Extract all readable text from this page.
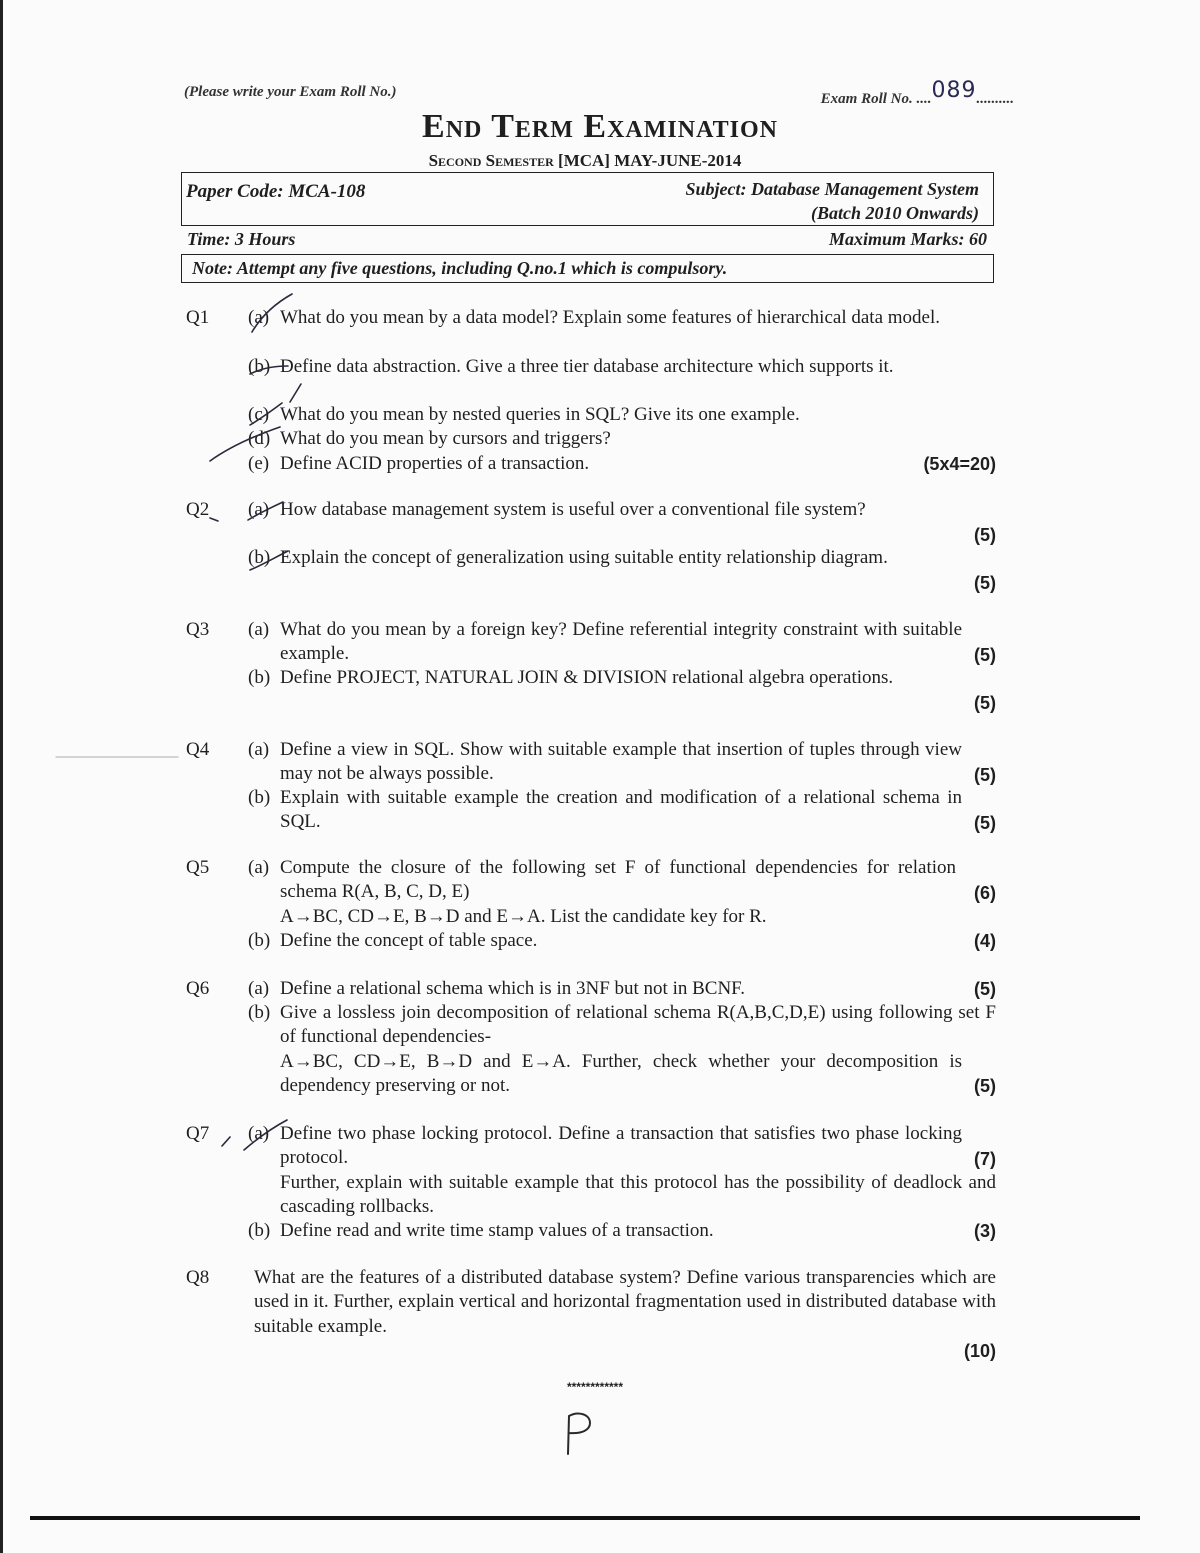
(Please write your Exam Roll No.)	Exam Roll No. ....089..........
End Term Examination
Second Semester [MCA] MAY-JUNE-2014
Paper Code: MCA-108	Subject: Database Management System
(Batch 2010 Onwards)
Time: 3 Hours	Maximum Marks: 60
Note: Attempt any five questions, including Q.no.1 which is compulsory.
Q1 (a) What do you mean by a data model? Explain some features of hierarchical data model.
(b) Define data abstraction. Give a three tier database architecture which supports it.
(c) What do you mean by nested queries in SQL? Give its one example.
(d) What do you mean by cursors and triggers?
(e) Define ACID properties of a transaction.	(5x4=20)
Q2 (a) How database management system is useful over a conventional file system?
(5)
(b) Explain the concept of generalization using suitable entity relationship diagram.
(5)
Q3 (a) What do you mean by a foreign key? Define referential integrity constraint with suitable example.	(5)
(b) Define PROJECT, NATURAL JOIN & DIVISION relational algebra operations.
(5)
Q4 (a) Define a view in SQL. Show with suitable example that insertion of tuples through view may not be always possible.	(5)
(b) Explain with suitable example the creation and modification of a relational schema in SQL.	(5)
Q5 (a) Compute the closure of the following set F of functional dependencies for relation schema R(A, B, C, D, E)	(6)
A→BC, CD→E, B→D and E→A. List the candidate key for R.
(b) Define the concept of table space.	(4)
Q6 (a) Define a relational schema which is in 3NF but not in BCNF.	(5)
(b) Give a lossless join decomposition of relational schema R(A,B,C,D,E) using following set F of functional dependencies-
A→BC, CD→E, B→D and E→A. Further, check whether your decomposition is dependency preserving or not.	(5)
Q7 (a) Define two phase locking protocol. Define a transaction that satisfies two phase locking protocol.	(7)
Further, explain with suitable example that this protocol has the possibility of deadlock and cascading rollbacks.
(b) Define read and write time stamp values of a transaction.	(3)
Q8 What are the features of a distributed database system? Define various transparencies which are used in it. Further, explain vertical and horizontal fragmentation used in distributed database with suitable example.
(10)
************
